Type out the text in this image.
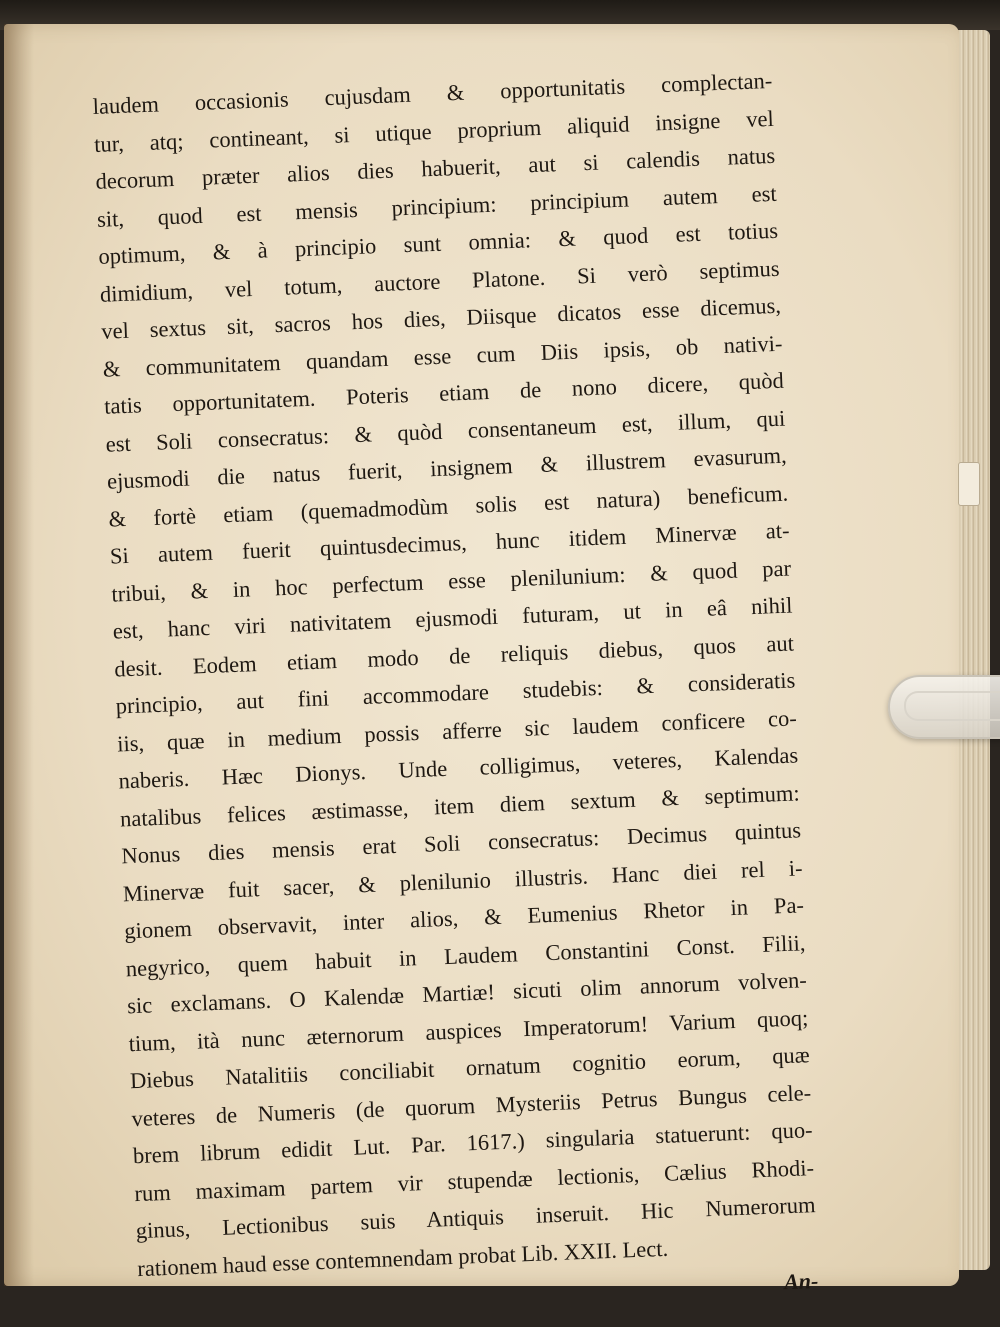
laudem occasionis cujusdam & opportunitatis complectan-
tur, atq; contineant, si utique proprium aliquid insigne vel
decorum præter alios dies habuerit, aut si calendis natus
sit, quod est mensis principium: principium autem est
optimum, & à principio sunt omnia: & quod est totius
dimidium, vel totum, auctore Platone. Si verò septimus
vel sextus sit, sacros hos dies, Diisque dicatos esse dicemus,
& communitatem quandam esse cum Diis ipsis, ob nativi-
tatis opportunitatem. Poteris etiam de nono dicere, quòd
est Soli consecratus: & quòd consentaneum est, illum, qui
ejusmodi die natus fuerit, insignem & illustrem evasurum,
& fortè etiam (quemadmodùm solis est natura) beneficum.
Si autem fuerit quintusdecimus, hunc itidem Minervæ at-
tribui, & in hoc perfectum esse plenilunium: & quod par
est, hanc viri nativitatem ejusmodi futuram, ut in eâ nihil
desit. Eodem etiam modo de reliquis diebus, quos aut
principio, aut fini accommodare studebis: & consideratis
iis, quæ in medium possis afferre sic laudem conficere co-
naberis. Hæc Dionys. Unde colligimus, veteres, Kalendas
natalibus felices æstimasse, item diem sextum & septimum:
Nonus dies mensis erat Soli consecratus: Decimus quintus
Minervæ fuit sacer, & plenilunio illustris. Hanc diei rel i-
gionem observavit, inter alios, & Eumenius Rhetor in Pa-
negyrico, quem habuit in Laudem Constantini Const. Filii,
sic exclamans. O Kalendæ Martiæ! sicuti olim annorum volven-
tium, ità nunc æternorum auspices Imperatorum! Varium quoq;
Diebus Natalitiis conciliabit ornatum cognitio eorum, quæ
veteres de Numeris (de quorum Mysteriis Petrus Bungus cele-
brem librum edidit Lut. Par. 1617.) singularia statuerunt: quo-
rum maximam partem vir stupendæ lectionis, Cælius Rhodi-
ginus, Lectionibus suis Antiquis inseruit. Hic Numerorum
rationem haud esse contemnendam probat Lib. XXII. Lect.
An-
